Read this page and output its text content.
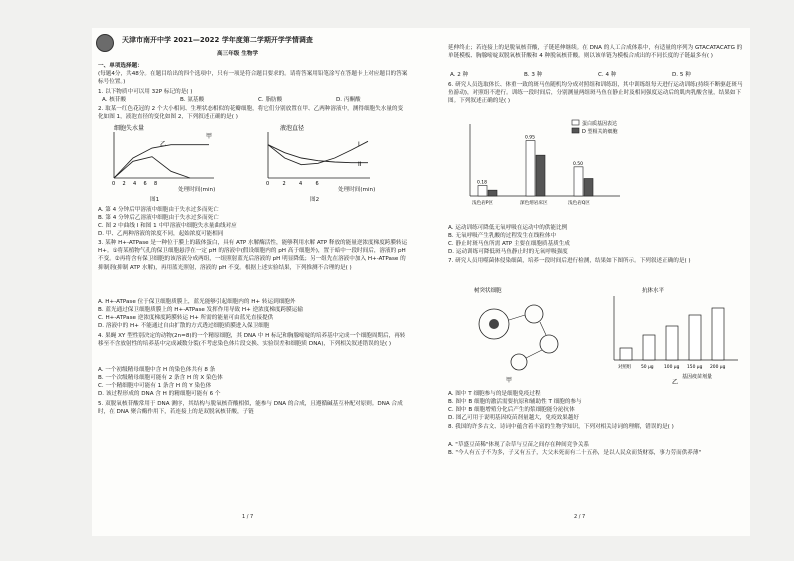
天津市南开中学 2021—2022 学年度第二学期开学学情调查
高三年级 生物学
一、单项选择题：
(每题4分，共48分。在题目给出的四个选项中，只有一项是符合题目要求的。请将答案用铅笔涂写在答题卡上对应题目的答案标号位置。)
1. 以下物质中可以用 32P 标记的是( )
A. 核苷酸	B. 氨基酸	C. 脂肪酸	D. 丙酮酸
2. 取某一红色花冠的 2 个大小相同、生理状态相似的花瓣细胞，将它们分别放置在甲、乙两种溶液中，测得细胞失水量的变化如图 1，液泡直径的变化如图 2，下列叙述正确的是( )
细胞失水量
甲
乙
0 2 4 6 8
处理时间(min)
图1
液泡直径
I
II
0	2	4	6
处理时间(min)
图2
A. 第 4 分钟后甲溶液中细胞由于失水过多而死亡
B. 第 4 分钟后乙溶液中细胞由于失水过多而死亡
C. 图 2 中曲线 I 和图 1 中甲溶液中细胞失水量曲线对应
D. 甲、乙两种溶液的浓度不同，起始浓度可能相同
3. 某种 H+-ATPase 是一种位于膜上的载体蛋白，具有 ATP 水解酶活性，能够利用水解 ATP 释放的能量逆浓度梯度跨膜转运 H+。①将某植物气孔的保卫细胞悬浮在一定 pH 的溶液中(假设细胞内的 pH 高于细胞外)，置于暗中一段时间后，溶液的 pH 不变。②再将含有保卫细胞的该溶液分成两组，一组照射蓝光后溶液的 pH 明显降低；另一组先在溶液中加入 H+-ATPase 的抑制剂(抑制 ATP 水解)，再用蓝光照射，溶液的 pH 不变。根据上述实验结果，下列推测不合理的是( )
A. H+-ATPase 位于保卫细胞质膜上，蓝光能够引起细胞内的 H+ 转运到细胞外
B. 蓝光通过保卫细胞质膜上的 H+-ATPase 发挥作用导致 H+ 逆浓度梯度跨膜运输
C. H+-ATPase 逆浓度梯度跨膜转运 H+ 所需的能量可由蓝光直接提供
D. 溶液中的 H+ 不能通过自由扩散的方式透过细胞质膜进入保卫细胞
4. 果蝇 XY 型性别决定的动物(2n=8)的一个精原细胞，其 DNA 中 H 标记和胸腺嘧啶的培养基中完成一个细胞周期后，再转移至不含放射性的培养基中完成减数分裂(不考虑染色体片段交换、实验误差和细胞质 DNA)，下列相关叙述错误的是( )
A. 一个初级精母细胞中含 H 的染色体共有 8 条
B. 一个次级精母细胞可能有 2 条含 H 的 X 染色体
C. 一个精细胞中可能有 1 条含 H 的 Y 染色体
D. 该过程形成的 DNA 含 H 的精细胞可能有 6 个
5. 双脱氧核苷酸常用于 DNA 测序，其结构与脱氧核苷酸相似，能参与 DNA 的合成，且遵循碱基互补配对原则。DNA 合成时，在 DNA 聚合酶作用下，若连接上的是双脱氧核苷酸，子链
1 / 7
延伸终止；若连接上的是脱氧核苷酸，子链延伸继续。在 DNA 的人工合成体系中，有适量的序列为 GTACATACATG 的单链模板、胸腺嘧啶双脱氧核苷酸和 4 种脱氧核苷酸。则以该单链为模板合成出的不同长度的子链最多有( )
A. 2 种	B. 3 种	C. 4 种	D. 5 种
6. 研究人员选取体长、体重一致的斑马鱼随机均分成对照组和训练组，其中训练组每天进行运动训练(持续不断驱赶斑马鱼游动)，对照组不进行。训练一段时间后，分别测量两组斑马鱼在静止时及相同强度运动后的肌肉乳酸含量，结果如下图。下列叙述正确的是( )
蛋白质基因表达
D 型相关的细胞
0.18
浅色岩P区
0.95
深色熔岩床区
0.50
浅色岩Q区
A. 运动训练可降低无氧呼吸在运动中的供能比例
B. 无氧呼吸产生乳酸的过程发生在线粒体中
C. 静止时斑马鱼所需 ATP 主要在细胞质基质生成
D. 运动训练可降低斑马鱼静止时的无氧呼吸强度
7. 研究人员用噬菌体侵染细菌，培养一段时间后进行检测，结果如下图所示。下列叙述正确的是( )
树突状细胞
甲
抗体水平
对照组 50 μg 100 μg 150 μg 200 μg
基因疫苗剂量
乙
A. 图中 T 细胞参与的是细胞免疫过程
B. 图中 B 细胞的激活需要抗原和辅助性 T 细胞的参与
C. 图中 B 细胞增殖分化后产生的浆细胞能分泌抗体
D. 图乙可用于说明基因疫苗剂量越大，免疫效果越好
8. 我国的许多古文、诗词中蕴含着丰富的生物学知识，下列对相关诗词的理解，错误的是( )
A. "草盛豆苗稀"体现了杂草与豆苗之间存在种间竞争关系
B. "今人有五子不为多，子又有五子，大父未死而有二十五孙，是以人民众而货财寡，事力劳而供养薄"
2 / 7
